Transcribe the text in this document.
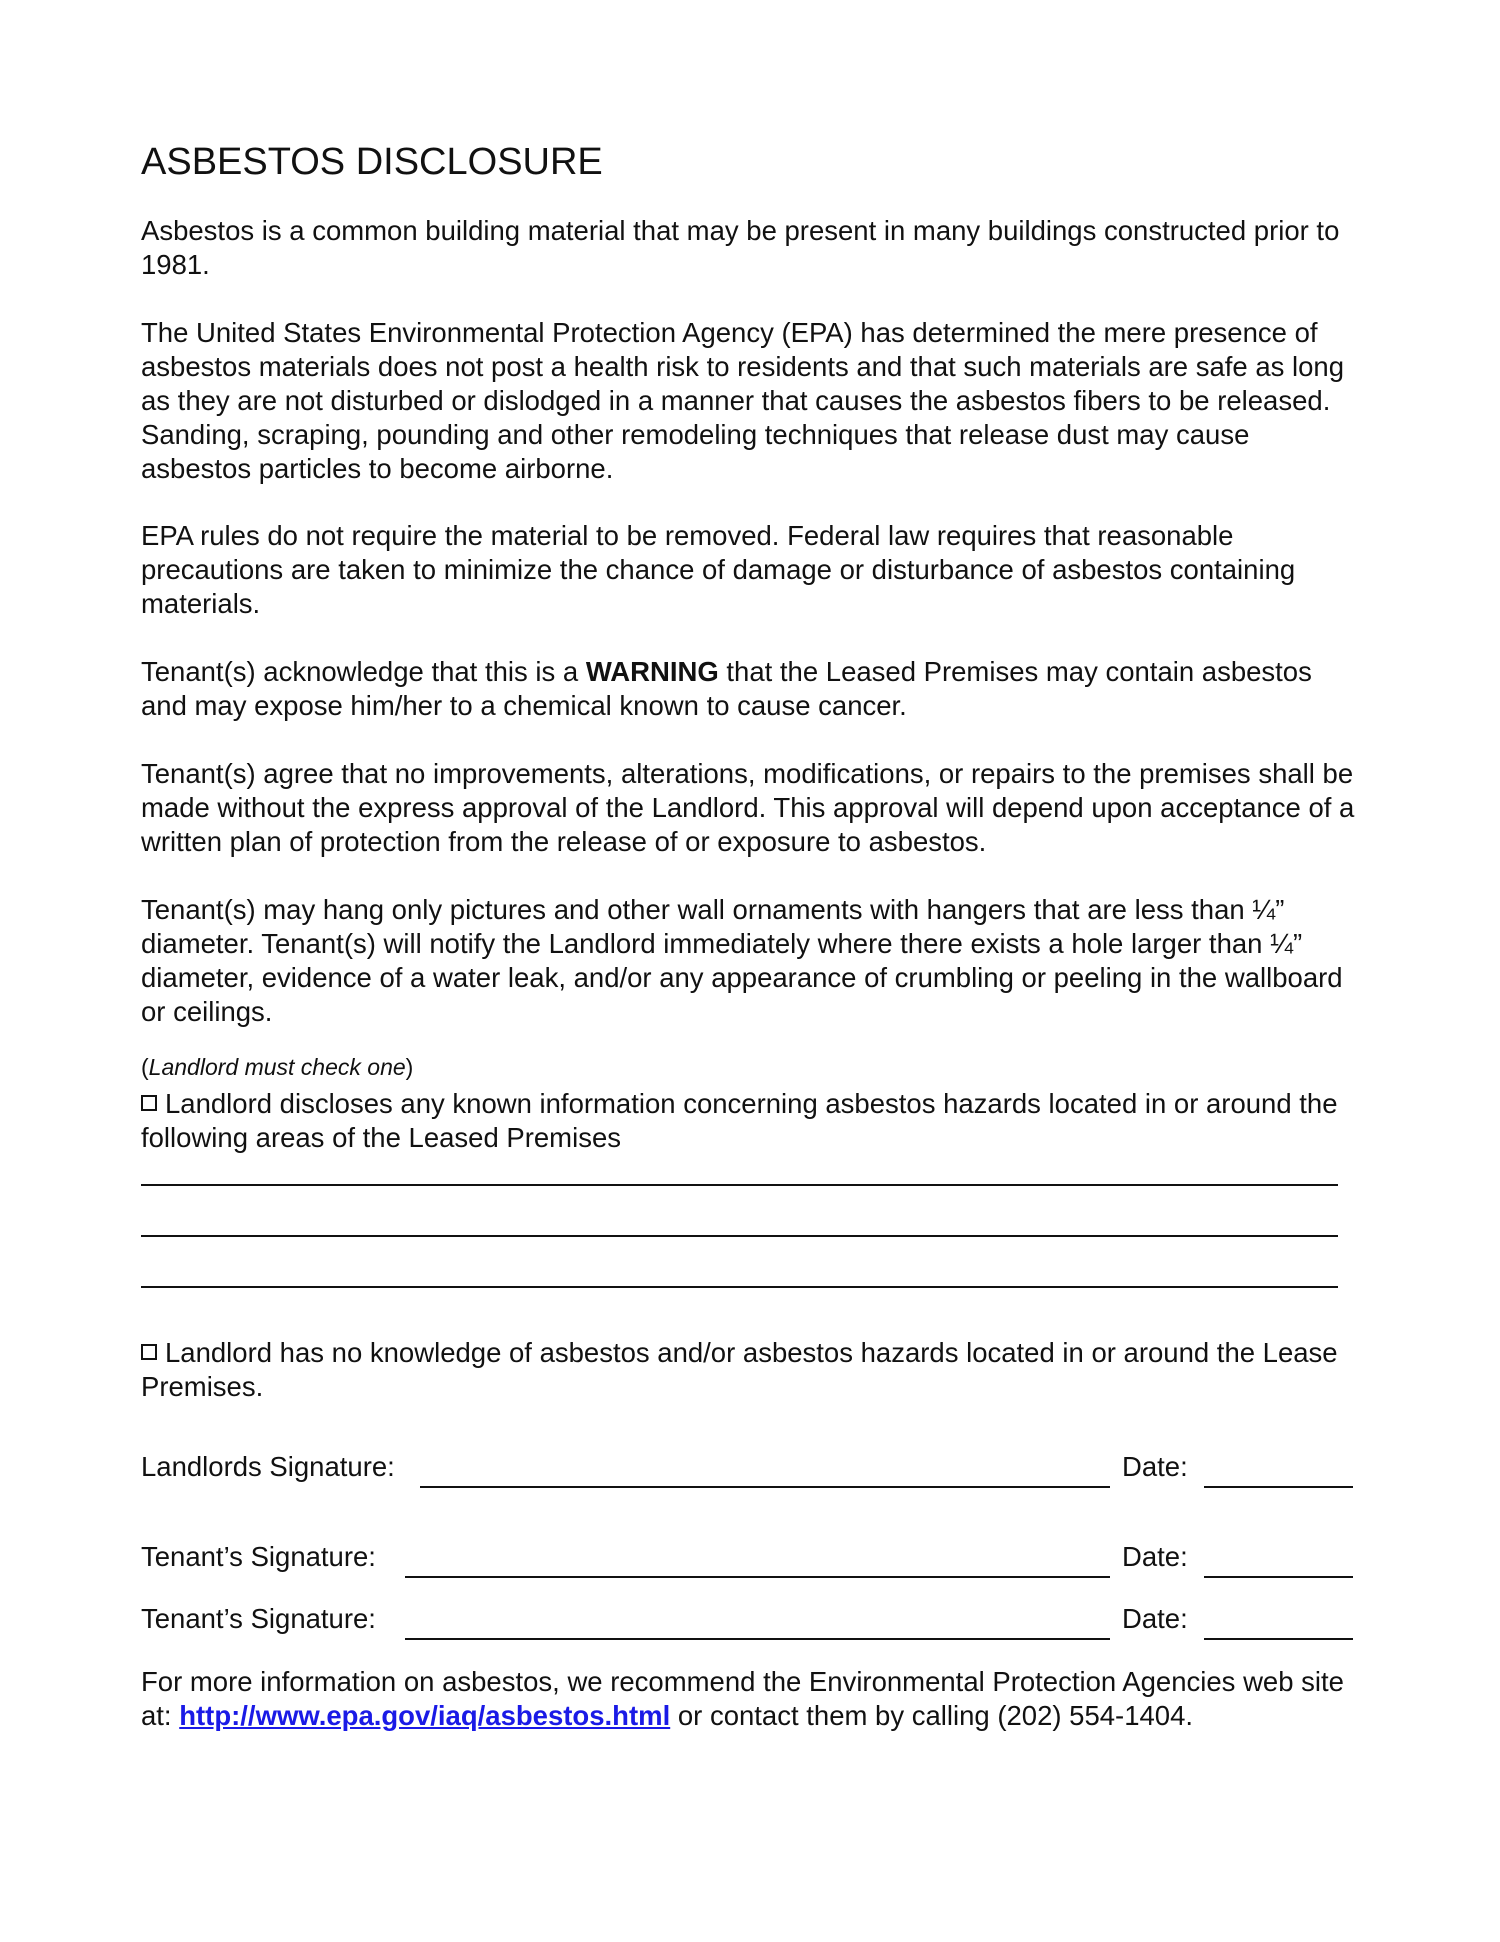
ASBESTOS DISCLOSURE

Asbestos is a common building material that may be present in many buildings constructed prior to 1981.

The United States Environmental Protection Agency (EPA) has determined the mere presence of asbestos materials does not post a health risk to residents and that such materials are safe as long as they are not disturbed or dislodged in a manner that causes the asbestos fibers to be released. Sanding, scraping, pounding and other remodeling techniques that release dust may cause asbestos particles to become airborne.

EPA rules do not require the material to be removed. Federal law requires that reasonable precautions are taken to minimize the chance of damage or disturbance of asbestos containing materials.

Tenant(s) acknowledge that this is a WARNING that the Leased Premises may contain asbestos and may expose him/her to a chemical known to cause cancer.

Tenant(s) agree that no improvements, alterations, modifications, or repairs to the premises shall be made without the express approval of the Landlord. This approval will depend upon acceptance of a written plan of protection from the release of or exposure to asbestos.

Tenant(s) may hang only pictures and other wall ornaments with hangers that are less than ¼” diameter. Tenant(s) will notify the Landlord immediately where there exists a hole larger than ¼” diameter, evidence of a water leak, and/or any appearance of crumbling or peeling in the wallboard or ceilings.

(Landlord must check one)
Landlord discloses any known information concerning asbestos hazards located in or around the following areas of the Leased Premises
Landlord has no knowledge of asbestos and/or asbestos hazards located in or around the Lease Premises.
Landlords Signature:	Date:
Tenant’s Signature:	Date:
Tenant’s Signature:	Date:

For more information on asbestos, we recommend the Environmental Protection Agencies web site at: http://www.epa.gov/iaq/asbestos.html or contact them by calling (202) 554-1404.
